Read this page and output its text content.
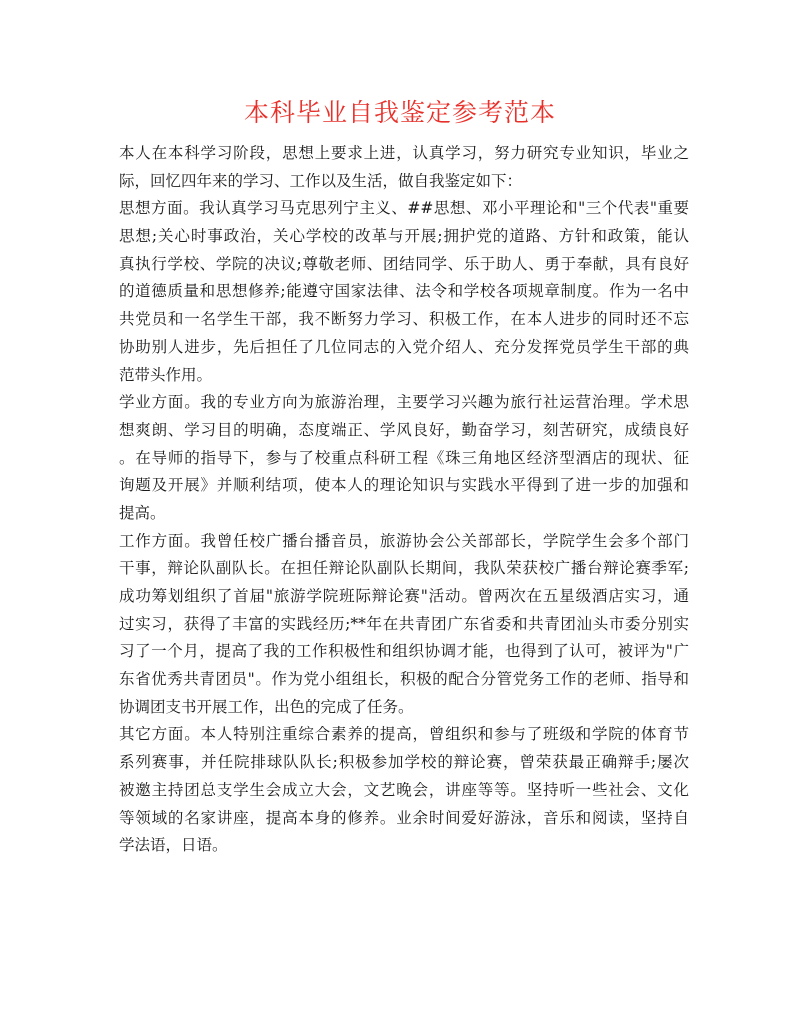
本科毕业自我鉴定参考范本
本人在本科学习阶段，思想上要求上进，认真学习，努力研究专业知识，毕业之
际，回忆四年来的学习、工作以及生活，做自我鉴定如下：
思想方面。我认真学习马克思列宁主义、##思想、邓小平理论和"三个代表"重要
思想;关心时事政治，关心学校的改革与开展;拥护党的道路、方针和政策，能认
真执行学校、学院的决议;尊敬老师、团结同学、乐于助人、勇于奉献，具有良好
的道德质量和思想修养;能遵守国家法律、法令和学校各项规章制度。作为一名中
共党员和一名学生干部，我不断努力学习、积极工作，在本人进步的同时还不忘
协助别人进步，先后担任了几位同志的入党介绍人、充分发挥党员学生干部的典
范带头作用。
学业方面。我的专业方向为旅游治理，主要学习兴趣为旅行社运营治理。学术思
想爽朗、学习目的明确，态度端正、学风良好，勤奋学习，刻苦研究，成绩良好
。在导师的指导下，参与了校重点科研工程《珠三角地区经济型酒店的现状、征
询题及开展》并顺利结项，使本人的理论知识与实践水平得到了进一步的加强和
提高。
工作方面。我曾任校广播台播音员，旅游协会公关部部长，学院学生会多个部门
干事，辩论队副队长。在担任辩论队副队长期间，我队荣获校广播台辩论赛季军;
成功筹划组织了首届"旅游学院班际辩论赛"活动。曾两次在五星级酒店实习，通
过实习，获得了丰富的实践经历;**年在共青团广东省委和共青团汕头市委分别实
习了一个月，提高了我的工作积极性和组织协调才能，也得到了认可，被评为"广
东省优秀共青团员"。作为党小组组长，积极的配合分管党务工作的老师、指导和
协调团支书开展工作，出色的完成了任务。
其它方面。本人特别注重综合素养的提高，曾组织和参与了班级和学院的体育节
系列赛事，并任院排球队队长;积极参加学校的辩论赛，曾荣获最正确辩手;屡次
被邀主持团总支学生会成立大会，文艺晚会，讲座等等。坚持听一些社会、文化
等领域的名家讲座，提高本身的修养。业余时间爱好游泳，音乐和阅读，坚持自
学法语，日语。
